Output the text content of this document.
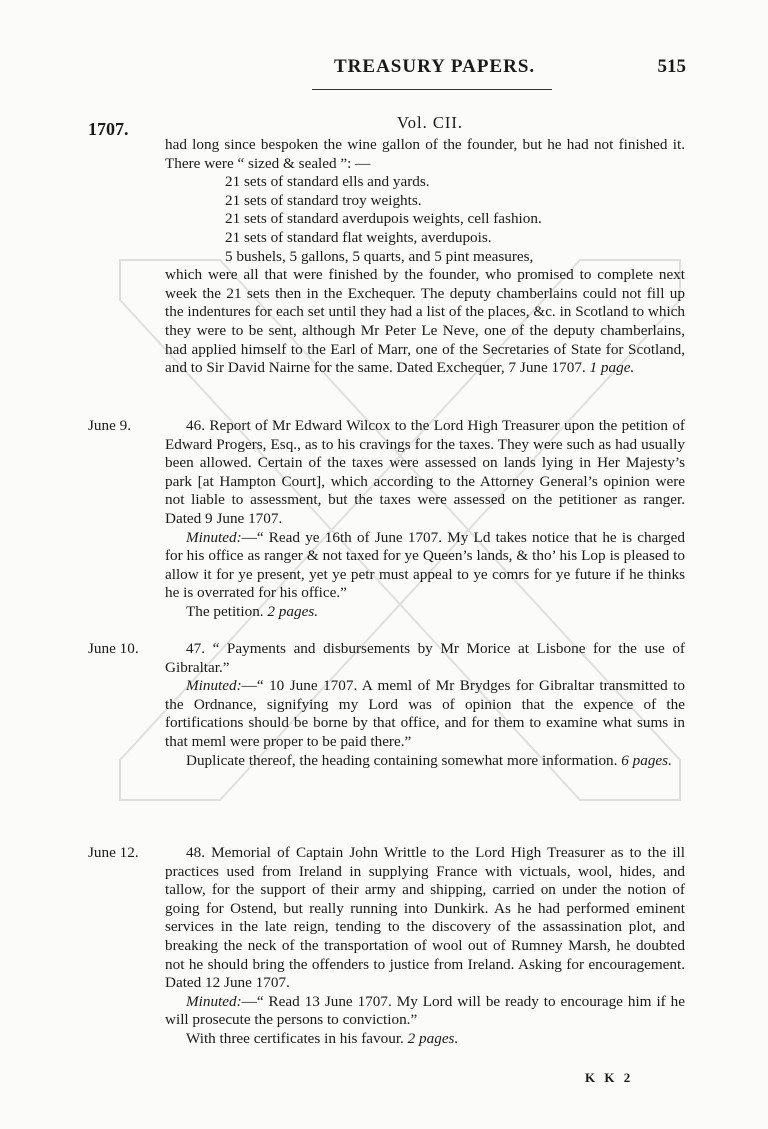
TREASURY PAPERS.	515
Vol. CII.
1707.

had long since bespoken the wine gallon of the founder, but he had not finished it. There were “ sized & sealed ”: —

21 sets of standard ells and yards.

21 sets of standard troy weights.

21 sets of standard averdupois weights, cell fashion.

21 sets of standard flat weights, averdupois.

5 bushels, 5 gallons, 5 quarts, and 5 pint measures,

which were all that were finished by the founder, who promised to complete next week the 21 sets then in the Exchequer. The deputy chamberlains could not fill up the indentures for each set until they had a list of the places, &c. in Scotland to which they were to be sent, although Mr Peter Le Neve, one of the deputy chamberlains, had applied himself to the Earl of Marr, one of the Secretaries of State for Scotland, and to Sir David Nairne for the same. Dated Exchequer, 7 June 1707. 1 page.

June 9.	46. Report of Mr Edward Wilcox to the Lord High Treasurer upon the petition of Edward Progers, Esq., as to his cravings for the taxes. They were such as had usually been allowed. Certain of the taxes were assessed on lands lying in Her Majesty’s park [at Hampton Court], which according to the Attorney General’s opinion were not liable to assessment, but the taxes were assessed on the petitioner as ranger. Dated 9 June 1707.

Minuted:—“ Read ye 16th of June 1707. My Ld takes notice that he is charged for his office as ranger & not taxed for ye Queen’s lands, & tho’ his Lop is pleased to allow it for ye present, yet ye petr must appeal to ye comrs for ye future if he thinks he is overrated for his office.”

The petition. 2 pages.

June 10.	47. “ Payments and disbursements by Mr Morice at Lisbone for the use of Gibraltar.”

Minuted:—“ 10 June 1707. A meml of Mr Brydges for Gibraltar transmitted to the Ordnance, signifying my Lord was of opinion that the expence of the fortifications should be borne by that office, and for them to examine what sums in that meml were proper to be paid there.”

Duplicate thereof, the heading containing somewhat more information. 6 pages.

June 12.	48. Memorial of Captain John Writtle to the Lord High Treasurer as to the ill practices used from Ireland in supplying France with victuals, wool, hides, and tallow, for the support of their army and shipping, carried on under the notion of going for Ostend, but really running into Dunkirk. As he had performed eminent services in the late reign, tending to the discovery of the assassination plot, and breaking the neck of the transportation of wool out of Rumney Marsh, he doubted not he should bring the offenders to justice from Ireland. Asking for encouragement. Dated 12 June 1707.

Minuted:—“ Read 13 June 1707. My Lord will be ready to encourage him if he will prosecute the persons to conviction.”

With three certificates in his favour. 2 pages.

K K 2
